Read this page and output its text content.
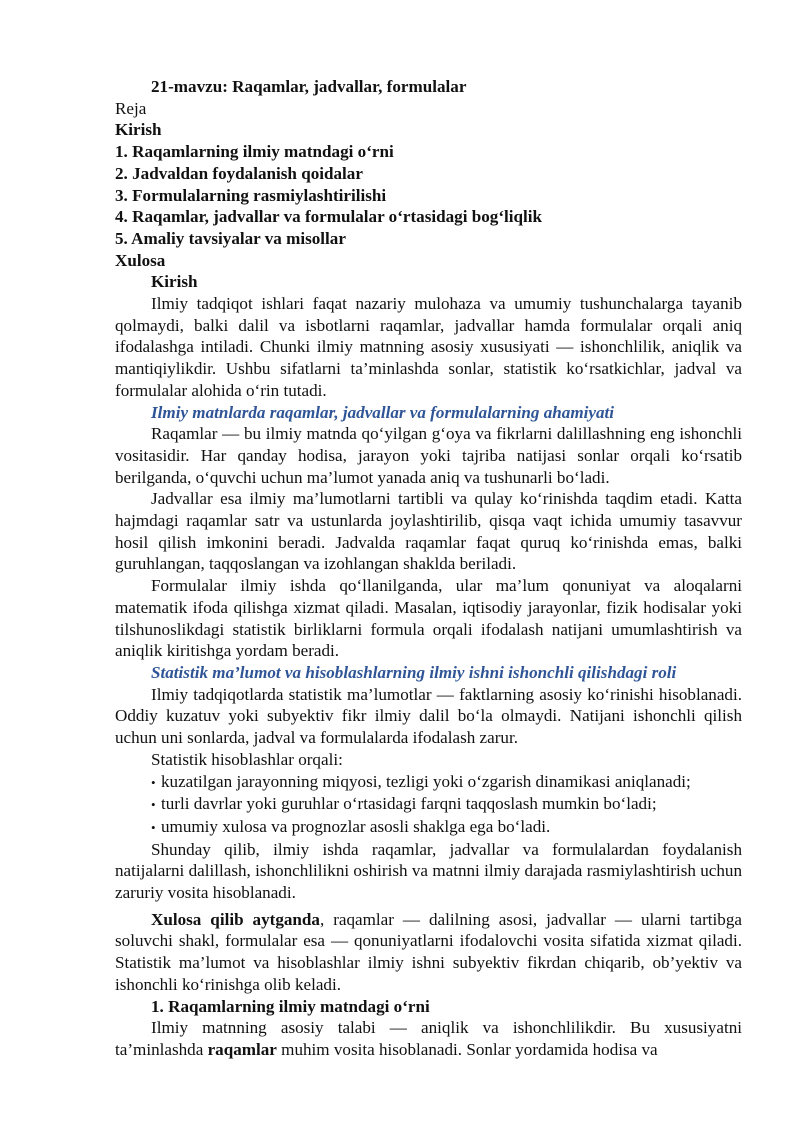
21-mavzu: Raqamlar, jadvallar, formulalar
Reja
Kirish
1. Raqamlarning ilmiy matndagi o‘rni
2. Jadvaldan foydalanish qoidalar
3. Formulalarning rasmiylashtirilishi
4. Raqamlar, jadvallar va formulalar o‘rtasidagi bog‘liqlik
5. Amaliy tavsiyalar va misollar
Xulosa
Kirish

Ilmiy tadqiqot ishlari faqat nazariy mulohaza va umumiy tushunchalarga tayanib qolmaydi, balki dalil va isbotlarni raqamlar, jadvallar hamda formulalar orqali aniq ifodalashga intiladi. Chunki ilmiy matnning asosiy xususiyati — ishonchlilik, aniqlik va mantiqiylikdir. Ushbu sifatlarni ta’minlashda sonlar, statistik ko‘rsatkichlar, jadval va formulalar alohida o‘rin tutadi.

Ilmiy matnlarda raqamlar, jadvallar va formulalarning ahamiyati

Raqamlar — bu ilmiy matnda qo‘yilgan g‘oya va fikrlarni dalillashning eng ishonchli vositasidir. Har qanday hodisa, jarayon yoki tajriba natijasi sonlar orqali ko‘rsatib berilganda, o‘quvchi uchun ma’lumot yanada aniq va tushunarli bo‘ladi.

Jadvallar esa ilmiy ma’lumotlarni tartibli va qulay ko‘rinishda taqdim etadi. Katta hajmdagi raqamlar satr va ustunlarda joylashtirilib, qisqa vaqt ichida umumiy tasavvur hosil qilish imkonini beradi. Jadvalda raqamlar faqat quruq ko‘rinishda emas, balki guruhlangan, taqqoslangan va izohlangan shaklda beriladi.

Formulalar ilmiy ishda qo‘llanilganda, ular ma’lum qonuniyat va aloqalarni matematik ifoda qilishga xizmat qiladi. Masalan, iqtisodiy jarayonlar, fizik hodisalar yoki tilshunoslikdagi statistik birliklarni formula orqali ifodalash natijani umumlashtirish va aniqlik kiritishga yordam beradi.

Statistik ma’lumot va hisoblashlarning ilmiy ishni ishonchli qilishdagi roli

Ilmiy tadqiqotlarda statistik ma’lumotlar — faktlarning asosiy ko‘rinishi hisoblanadi. Oddiy kuzatuv yoki subyektiv fikr ilmiy dalil bo‘la olmaydi. Natijani ishonchli qilish uchun uni sonlarda, jadval va formulalarda ifodalash zarur.

Statistik hisoblashlar orqali:
• kuzatilgan jarayonning miqyosi, tezligi yoki o‘zgarish dinamikasi aniqlanadi;
• turli davrlar yoki guruhlar o‘rtasidagi farqni taqqoslash mumkin bo‘ladi;
• umumiy xulosa va prognozlar asosli shaklga ega bo‘ladi.

Shunday qilib, ilmiy ishda raqamlar, jadvallar va formulalardan foydalanish natijalarni dalillash, ishonchlilikni oshirish va matnni ilmiy darajada rasmiylashtirish uchun zaruriy vosita hisoblanadi.

Xulosa qilib aytganda, raqamlar — dalilning asosi, jadvallar — ularni tartibga soluvchi shakl, formulalar esa — qonuniyatlarni ifodalovchi vosita sifatida xizmat qiladi. Statistik ma’lumot va hisoblashlar ilmiy ishni subyektiv fikrdan chiqarib, ob’yektiv va ishonchli ko‘rinishga olib keladi.

1. Raqamlarning ilmiy matndagi o‘rni

Ilmiy matnning asosiy talabi — aniqlik va ishonchlilikdir. Bu xususiyatni ta’minlashda raqamlar muhim vosita hisoblanadi. Sonlar yordamida hodisa va
